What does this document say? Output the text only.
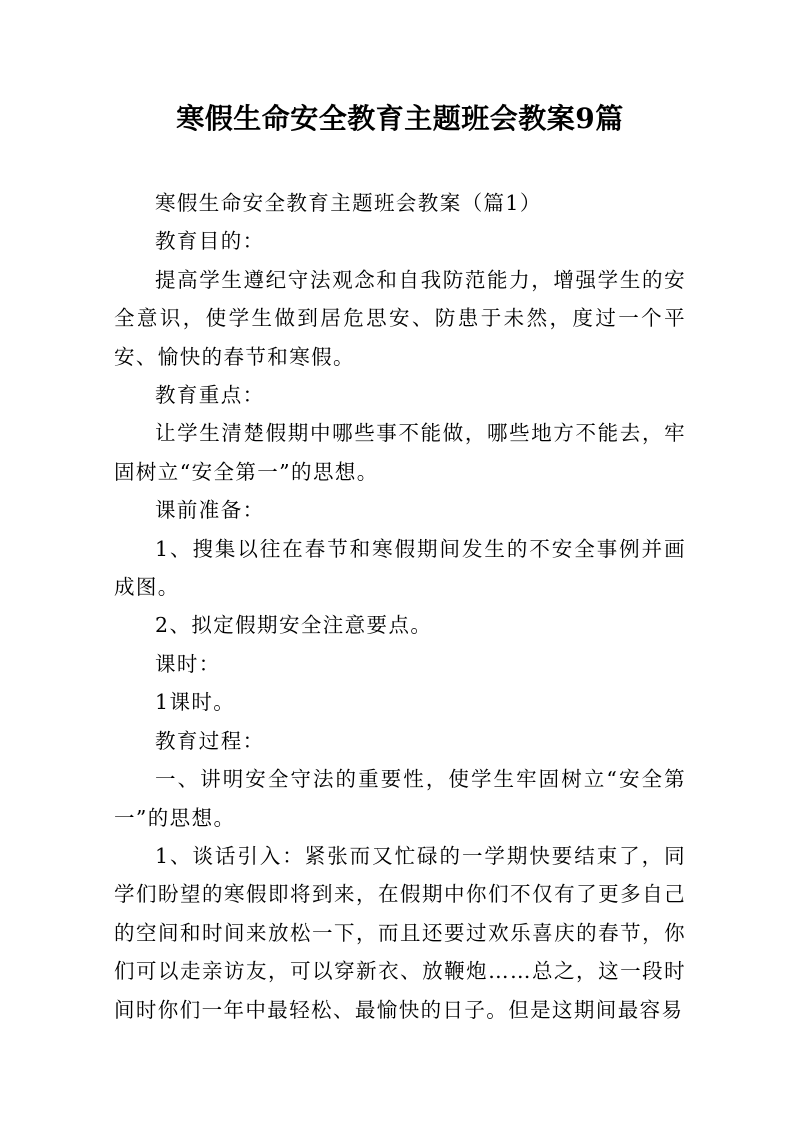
寒假生命安全教育主题班会教案9篇

寒假生命安全教育主题班会教案（篇1）

教育目的：

提高学生遵纪守法观念和自我防范能力，增强学生的安全意识，使学生做到居危思安、防患于未然，度过一个平安、愉快的春节和寒假。

教育重点：

让学生清楚假期中哪些事不能做，哪些地方不能去，牢固树立“安全第一”的思想。

课前准备：

1、搜集以往在春节和寒假期间发生的不安全事例并画成图。

2、拟定假期安全注意要点。

课时：

1课时。

教育过程：

一、讲明安全守法的重要性，使学生牢固树立“安全第一”的思想。

1、谈话引入：紧张而又忙碌的一学期快要结束了，同学们盼望的寒假即将到来，在假期中你们不仅有了更多自己的空间和时间来放松一下，而且还要过欢乐喜庆的春节，你们可以走亲访友，可以穿新衣、放鞭炮……总之，这一段时间时你们一年中最轻松、最愉快的日子。但是这期间最容易
